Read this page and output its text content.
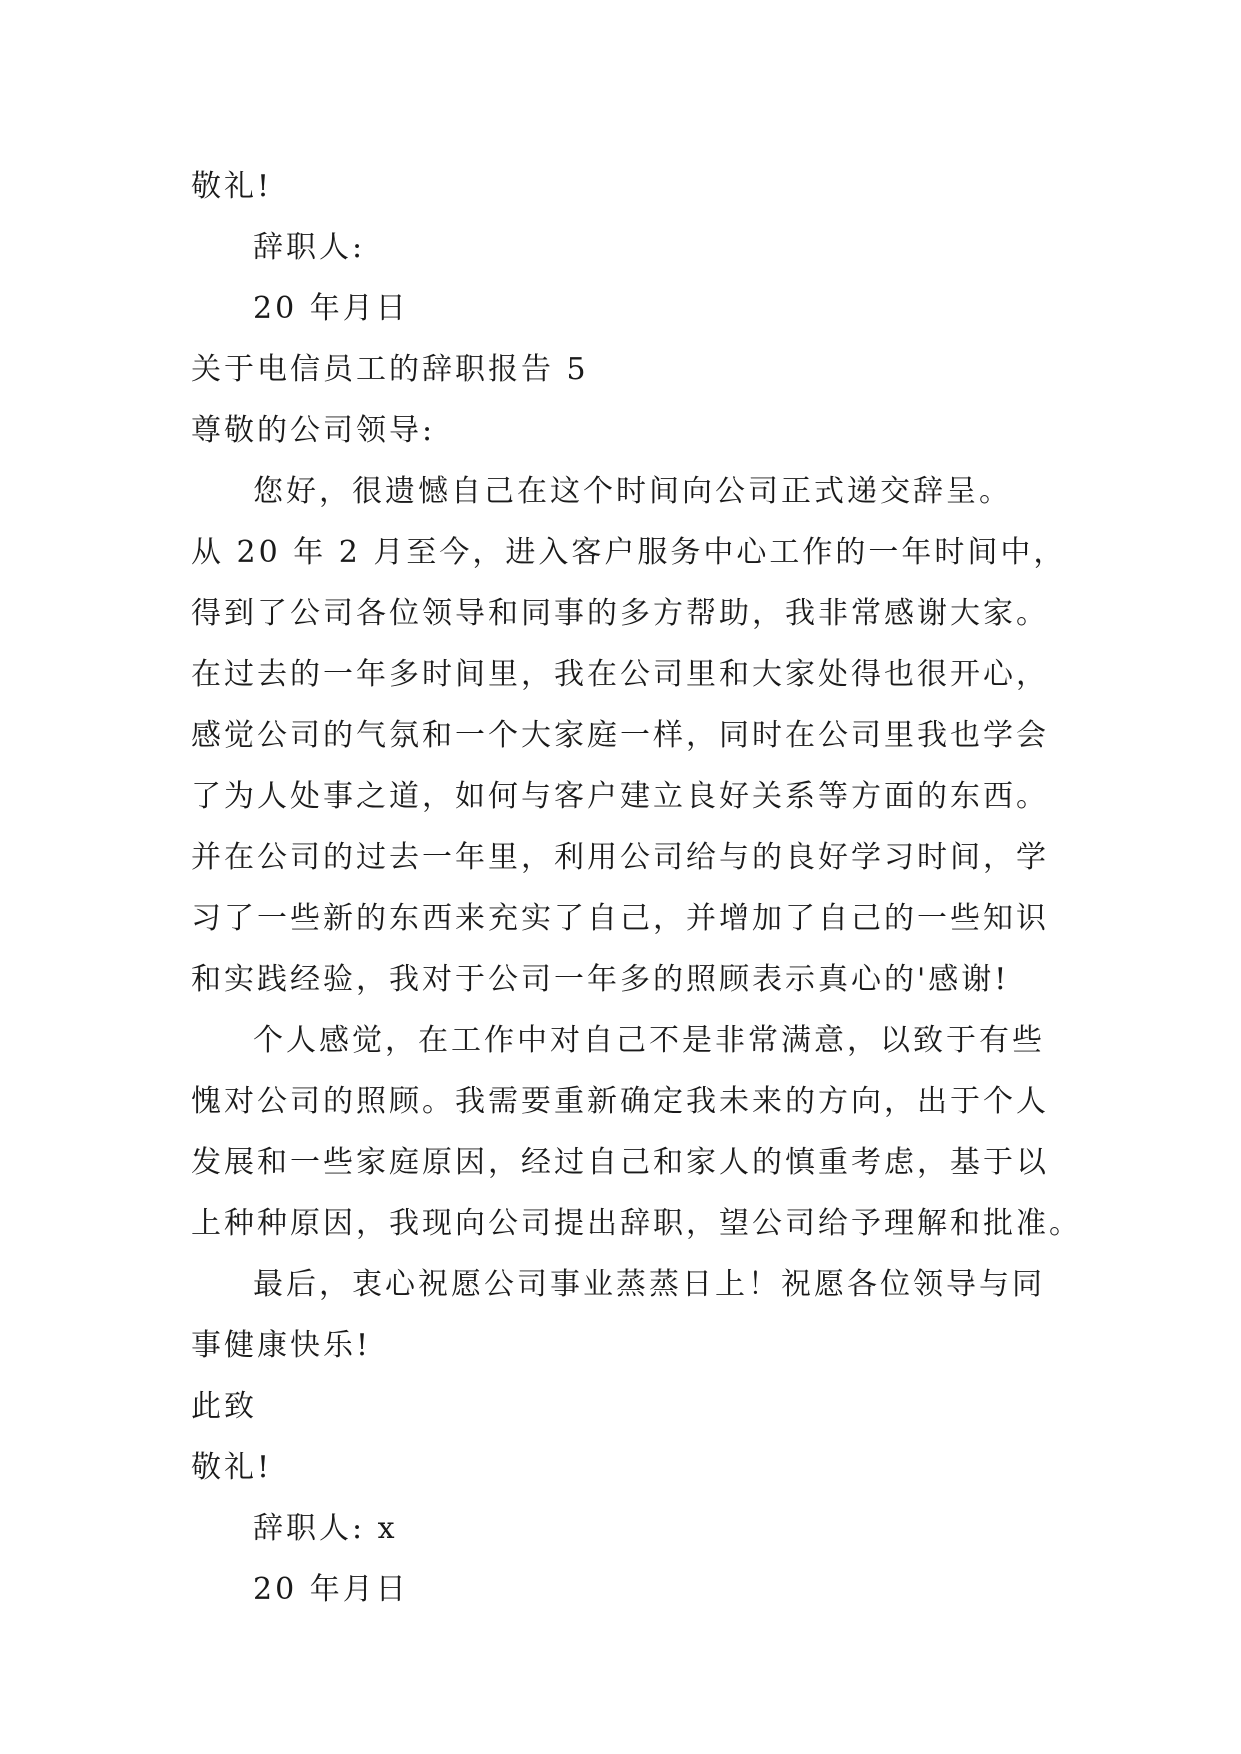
敬礼!
辞职人:
20 年月日
关于电信员工的辞职报告 5
尊敬的公司领导:
您好，很遗憾自己在这个时间向公司正式递交辞呈。
从 20 年 2 月至今，进入客户服务中心工作的一年时间中，
得到了公司各位领导和同事的多方帮助，我非常感谢大家。
在过去的一年多时间里，我在公司里和大家处得也很开心，
感觉公司的气氛和一个大家庭一样，同时在公司里我也学会
了为人处事之道，如何与客户建立良好关系等方面的东西。
并在公司的过去一年里，利用公司给与的良好学习时间，学
习了一些新的东西来充实了自己，并增加了自己的一些知识
和实践经验，我对于公司一年多的照顾表示真心的'感谢!
个人感觉，在工作中对自己不是非常满意，以致于有些
愧对公司的照顾。我需要重新确定我未来的方向，出于个人
发展和一些家庭原因，经过自己和家人的慎重考虑，基于以
上种种原因，我现向公司提出辞职，望公司给予理解和批准。
最后，衷心祝愿公司事业蒸蒸日上！祝愿各位领导与同
事健康快乐!
此致
敬礼!
辞职人: x
20 年月日
